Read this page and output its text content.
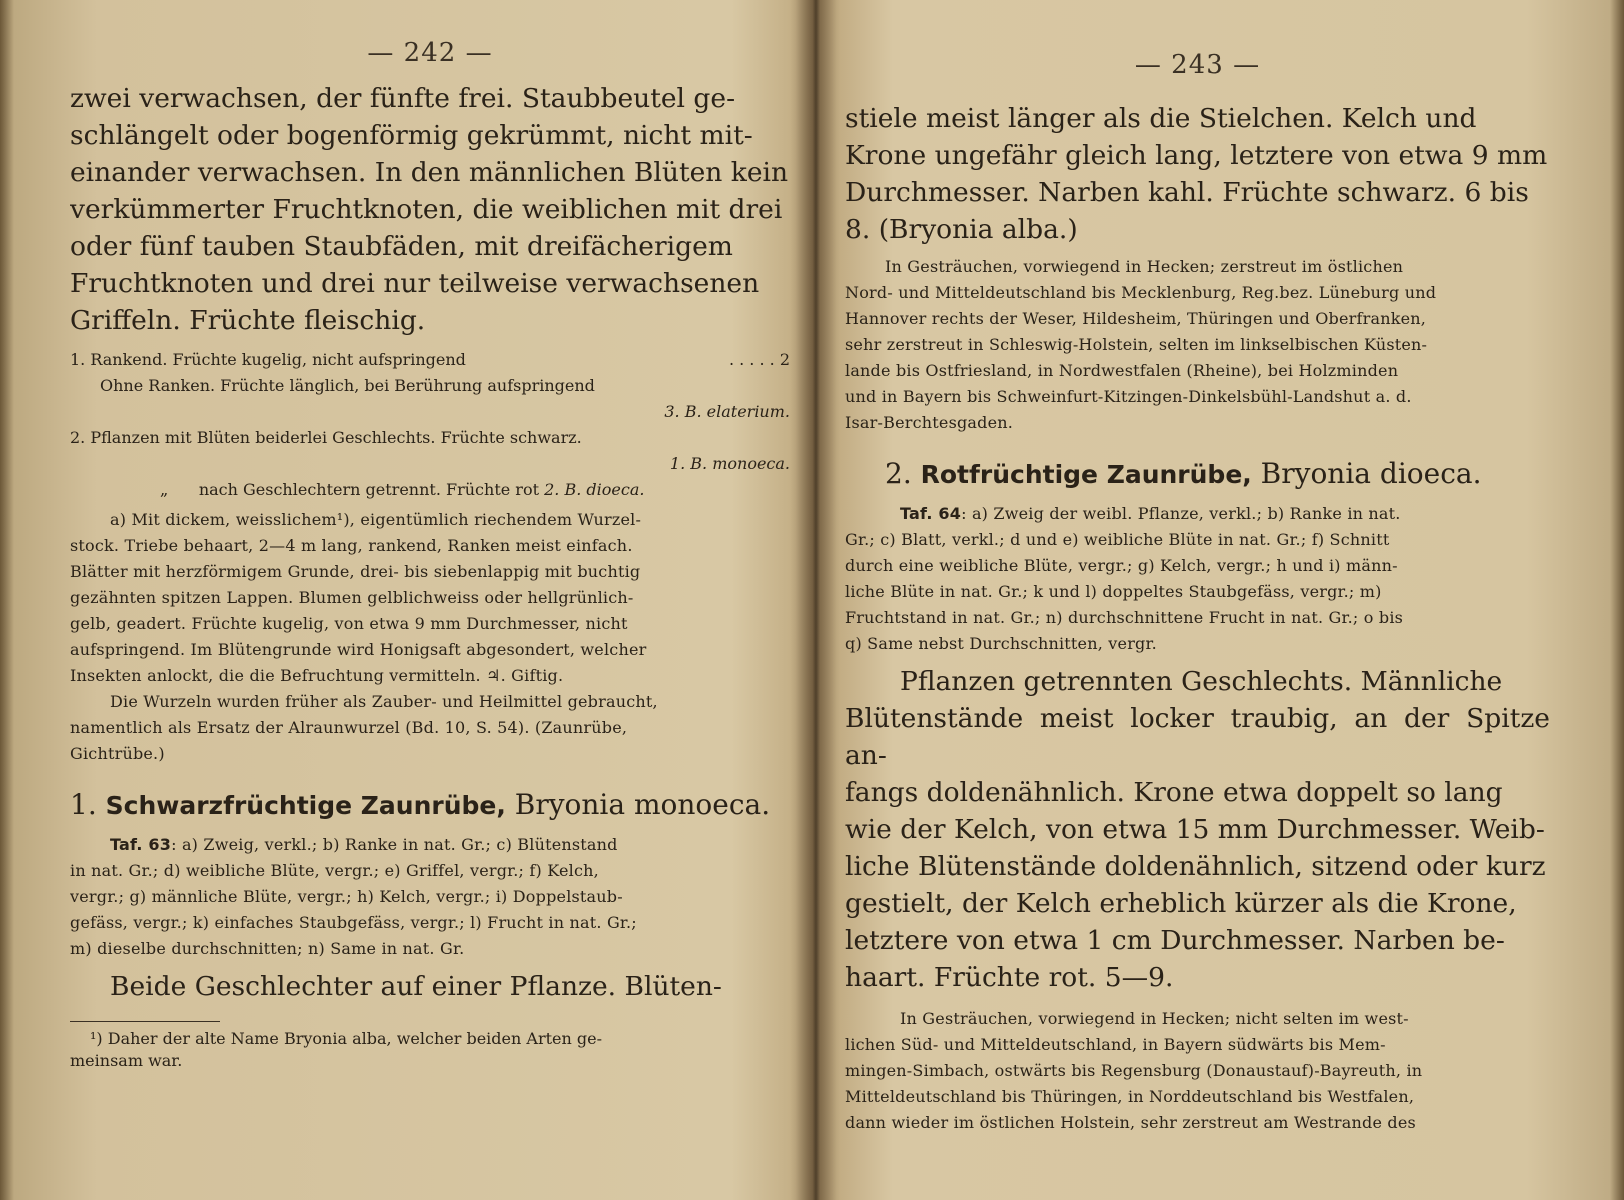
— 242 —
zwei verwachsen, der fünfte frei. Staubbeutel ge-
schlängelt oder bogenförmig gekrümmt, nicht mit-
einander verwachsen. In den männlichen Blüten kein
verkümmerter Fruchtknoten, die weiblichen mit drei
oder fünf tauben Staubfäden, mit dreifächerigem
Fruchtknoten und drei nur teilweise verwachsenen
Griffeln. Früchte fleischig.
1. Rankend. Früchte kugelig, nicht aufspringend	. . . . . 2
Ohne Ranken. Früchte länglich, bei Berührung aufspringend
3. B. elaterium.
2. Pflanzen mit Blüten beiderlei Geschlechts. Früchte schwarz.
1. B. monoeca.
„ nach Geschlechtern getrennt. Früchte rot 2. B. dioeca.
a) Mit dickem, weisslichem¹), eigentümlich riechendem Wurzel-
stock. Triebe behaart, 2—4 m lang, rankend, Ranken meist einfach.
Blätter mit herzförmigem Grunde, drei- bis siebenlappig mit buchtig
gezähnten spitzen Lappen. Blumen gelblichweiss oder hellgrünlich-
gelb, geadert. Früchte kugelig, von etwa 9 mm Durchmesser, nicht
aufspringend. Im Blütengrunde wird Honigsaft abgesondert, welcher
Insekten anlockt, die die Befruchtung vermitteln. ♃. Giftig.
Die Wurzeln wurden früher als Zauber- und Heilmittel gebraucht,
namentlich als Ersatz der Alraunwurzel (Bd. 10, S. 54). (Zaunrübe,
Gichtrübe.)
1. Schwarzfrüchtige Zaunrübe, Bryonia monoeca.
Taf. 63: a) Zweig, verkl.; b) Ranke in nat. Gr.; c) Blütenstand
in nat. Gr.; d) weibliche Blüte, vergr.; e) Griffel, vergr.; f) Kelch,
vergr.; g) männliche Blüte, vergr.; h) Kelch, vergr.; i) Doppelstaub-
gefäss, vergr.; k) einfaches Staubgefäss, vergr.; l) Frucht in nat. Gr.;
m) dieselbe durchschnitten; n) Same in nat. Gr.
Beide Geschlechter auf einer Pflanze. Blüten-
¹) Daher der alte Name Bryonia alba, welcher beiden Arten ge-
meinsam war.
— 243 —
stiele meist länger als die Stielchen. Kelch und
Krone ungefähr gleich lang, letztere von etwa 9 mm
Durchmesser. Narben kahl. Früchte schwarz. 6 bis
8. (Bryonia alba.)
In Gesträuchen, vorwiegend in Hecken; zerstreut im östlichen
Nord- und Mitteldeutschland bis Mecklenburg, Reg.bez. Lüneburg und
Hannover rechts der Weser, Hildesheim, Thüringen und Oberfranken,
sehr zerstreut in Schleswig-Holstein, selten im linkselbischen Küsten-
lande bis Ostfriesland, in Nordwestfalen (Rheine), bei Holzminden
und in Bayern bis Schweinfurt-Kitzingen-Dinkelsbühl-Landshut a. d.
Isar-Berchtesgaden.
2. Rotfrüchtige Zaunrübe, Bryonia dioeca.
Taf. 64: a) Zweig der weibl. Pflanze, verkl.; b) Ranke in nat.
Gr.; c) Blatt, verkl.; d und e) weibliche Blüte in nat. Gr.; f) Schnitt
durch eine weibliche Blüte, vergr.; g) Kelch, vergr.; h und i) männ-
liche Blüte in nat. Gr.; k und l) doppeltes Staubgefäss, vergr.; m)
Fruchtstand in nat. Gr.; n) durchschnittene Frucht in nat. Gr.; o bis
q) Same nebst Durchschnitten, vergr.
Pflanzen getrennten Geschlechts. Männliche
Blütenstände meist locker traubig, an der Spitze an-
fangs doldenähnlich. Krone etwa doppelt so lang
wie der Kelch, von etwa 15 mm Durchmesser. Weib-
liche Blütenstände doldenähnlich, sitzend oder kurz
gestielt, der Kelch erheblich kürzer als die Krone,
letztere von etwa 1 cm Durchmesser. Narben be-
haart. Früchte rot. 5—9.
In Gesträuchen, vorwiegend in Hecken; nicht selten im west-
lichen Süd- und Mitteldeutschland, in Bayern südwärts bis Mem-
mingen-Simbach, ostwärts bis Regensburg (Donaustauf)-Bayreuth, in
Mitteldeutschland bis Thüringen, in Norddeutschland bis Westfalen,
dann wieder im östlichen Holstein, sehr zerstreut am Westrande des
